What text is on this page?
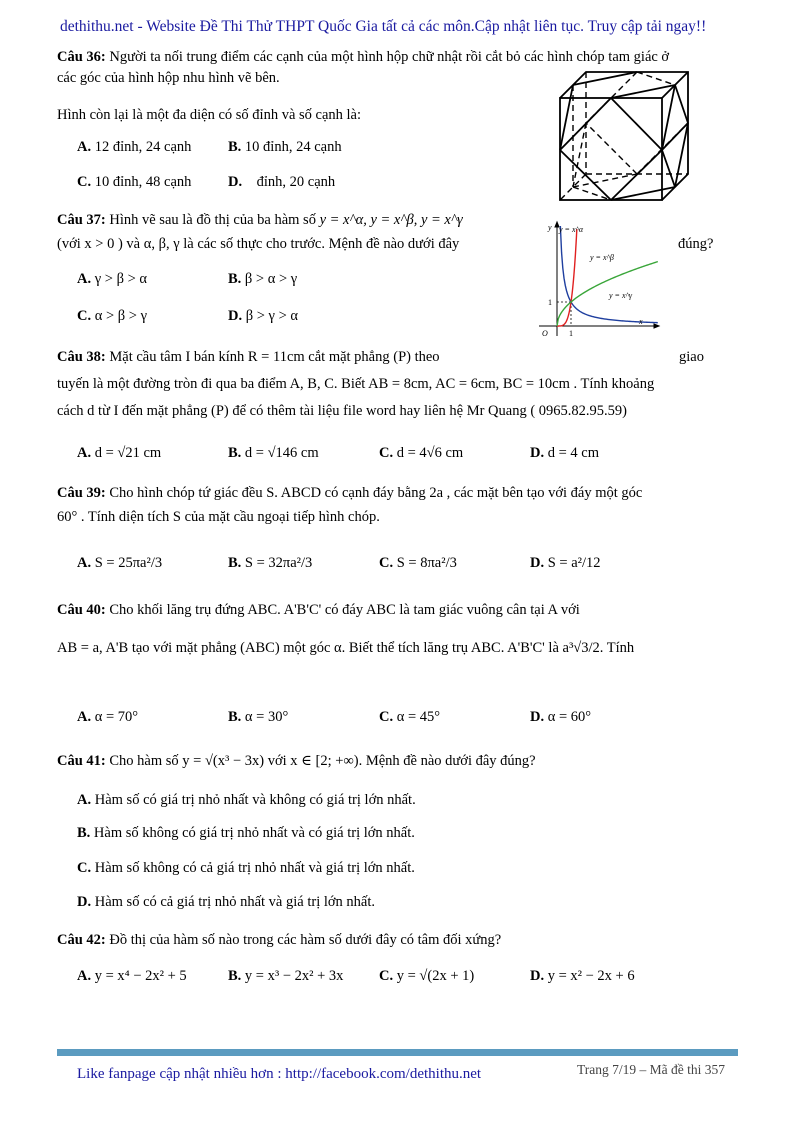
dethithu.net - Website Đề Thi Thử THPT Quốc Gia tất cả các môn.Cập nhật liên tục. Truy cập tải ngay!!
Câu 36: Người ta nối trung điểm các cạnh của một hình hộp chữ nhật rồi cắt bỏ các hình chóp tam giác ở
các góc của hình hộp nhu hình vẽ bên.
Hình còn lại là một đa diện có số đỉnh và số cạnh là:
A. 12 đỉnh, 24 cạnh	B. 10 đỉnh, 24 cạnh
C. 10 đỉnh, 48 cạnh	D. đỉnh, 20 cạnh
Câu 37: Hình vẽ sau là đồ thị của ba hàm số y = x^α, y = x^β, y = x^γ
(với x > 0 ) và α, β, γ là các số thực cho trước. Mệnh đề nào dưới đây	đúng?
A. γ > β > α	B. β > α > γ
C. α > β > γ	D. β > γ > α
y y = x^α
y = x^β
y = x^γ
x
O	1
1
Câu 38: Mặt cầu tâm I bán kính R = 11cm cắt mặt phẳng (P) theo	giao
tuyến là một đường tròn đi qua ba điểm A, B, C. Biết AB = 8cm, AC = 6cm, BC = 10cm . Tính khoảng
cách d từ I đến mặt phẳng (P) để có thêm tài liệu file word hay liên hệ Mr Quang ( 0965.82.95.59)
A. d = √21 cm	B. d = √146 cm	C. d = 4√6 cm	D. d = 4 cm
Câu 39: Cho hình chóp tứ giác đều S. ABCD có cạnh đáy bằng 2a , các mặt bên tạo với đáy một góc
60° . Tính diện tích S của mặt cầu ngoại tiếp hình chóp.
A. S = 25πa²/3	B. S = 32πa²/3	C. S = 8πa²/3	D. S = a²/12
Câu 40: Cho khối lăng trụ đứng ABC. A'B'C' có đáy ABC là tam giác vuông cân tại A với
AB = a, A'B tạo với mặt phẳng (ABC) một góc α. Biết thể tích lăng trụ ABC. A'B'C' là a³√3/2. Tính
A. α = 70°	B. α = 30°	C. α = 45°	D. α = 60°
Câu 41: Cho hàm số y = √(x³ − 3x) với x ∈ [2; +∞). Mệnh đề nào dưới đây đúng?
A. Hàm số có giá trị nhỏ nhất và không có giá trị lớn nhất.
B. Hàm số không có giá trị nhỏ nhất và có giá trị lớn nhất.
C. Hàm số không có cả giá trị nhỏ nhất và giá trị lớn nhất.
D. Hàm số có cả giá trị nhỏ nhất và giá trị lớn nhất.
Câu 42: Đồ thị của hàm số nào trong các hàm số dưới đây có tâm đối xứng?
A. y = x⁴ − 2x² + 5	B. y = x³ − 2x² + 3x C. y = √(2x + 1)	D. y = x² − 2x + 6
Like fanpage cập nhật nhiều hơn : http://facebook.com/dethithu.net	Trang 7/19 – Mã đề thi 357
